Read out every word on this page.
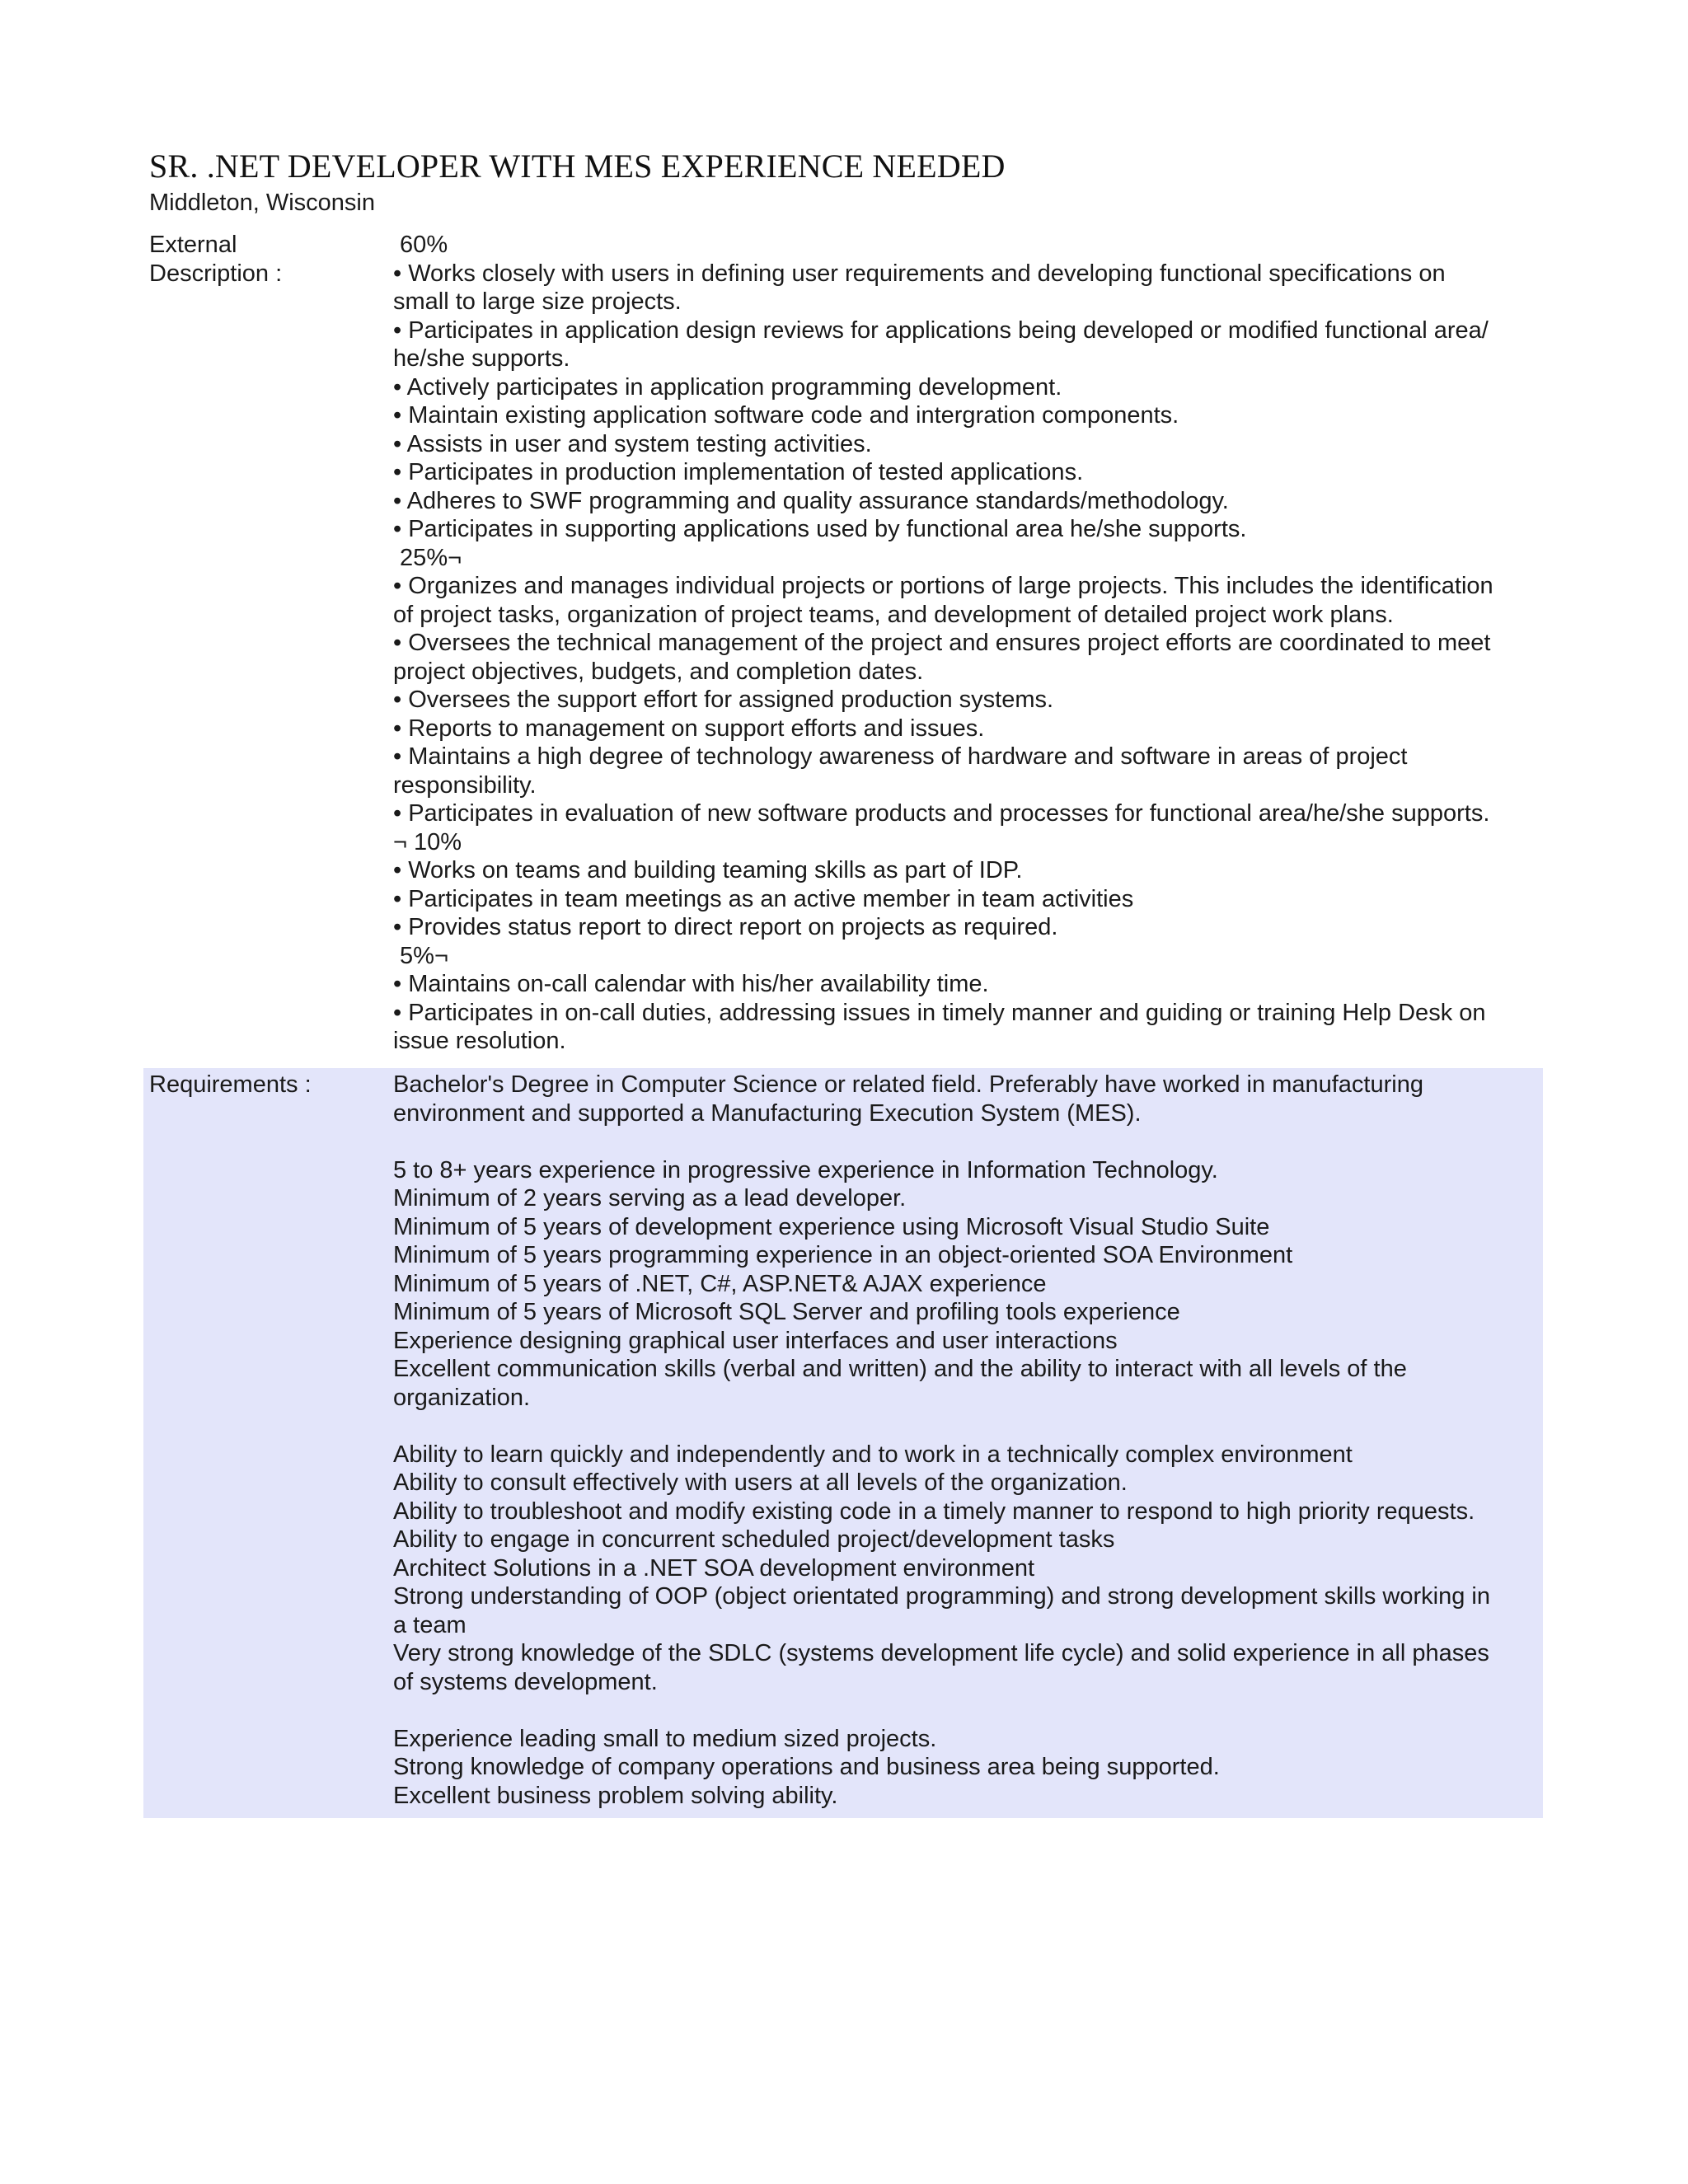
SR. .NET DEVELOPER WITH MES EXPERIENCE NEEDED
Middleton, Wisconsin
External
Description :
60%
• Works closely with users in defining user requirements and developing functional specifications on
small to large size projects.
• Participates in application design reviews for applications being developed or modified functional area/
he/she supports.
• Actively participates in application programming development.
• Maintain existing application software code and intergration components.
• Assists in user and system testing activities.
• Participates in production implementation of tested applications.
• Adheres to SWF programming and quality assurance standards/methodology.
• Participates in supporting applications used by functional area he/she supports.
25%¬
• Organizes and manages individual projects or portions of large projects. This includes the identification
of project tasks, organization of project teams, and development of detailed project work plans.
• Oversees the technical management of the project and ensures project efforts are coordinated to meet
project objectives, budgets, and completion dates.
• Oversees the support effort for assigned production systems.
• Reports to management on support efforts and issues.
• Maintains a high degree of technology awareness of hardware and software in areas of project
responsibility.
• Participates in evaluation of new software products and processes for functional area/he/she supports.
¬ 10%
• Works on teams and building teaming skills as part of IDP.
• Participates in team meetings as an active member in team activities
• Provides status report to direct report on projects as required.
5%¬
• Maintains on-call calendar with his/her availability time.
• Participates in on-call duties, addressing issues in timely manner and guiding or training Help Desk on
issue resolution.
Requirements :	Bachelor's Degree in Computer Science or related field. Preferably have worked in manufacturing
environment and supported a Manufacturing Execution System (MES).
5 to 8+ years experience in progressive experience in Information Technology.
Minimum of 2 years serving as a lead developer.
Minimum of 5 years of development experience using Microsoft Visual Studio Suite
Minimum of 5 years programming experience in an object-oriented SOA Environment
Minimum of 5 years of .NET, C#, ASP.NET& AJAX experience
Minimum of 5 years of Microsoft SQL Server and profiling tools experience
Experience designing graphical user interfaces and user interactions
Excellent communication skills (verbal and written) and the ability to interact with all levels of the
organization.
Ability to learn quickly and independently and to work in a technically complex environment
Ability to consult effectively with users at all levels of the organization.
Ability to troubleshoot and modify existing code in a timely manner to respond to high priority requests.
Ability to engage in concurrent scheduled project/development tasks
Architect Solutions in a .NET SOA development environment
Strong understanding of OOP (object orientated programming) and strong development skills working in
a team
Very strong knowledge of the SDLC (systems development life cycle) and solid experience in all phases
of systems development.
Experience leading small to medium sized projects.
Strong knowledge of company operations and business area being supported.
Excellent business problem solving ability.
